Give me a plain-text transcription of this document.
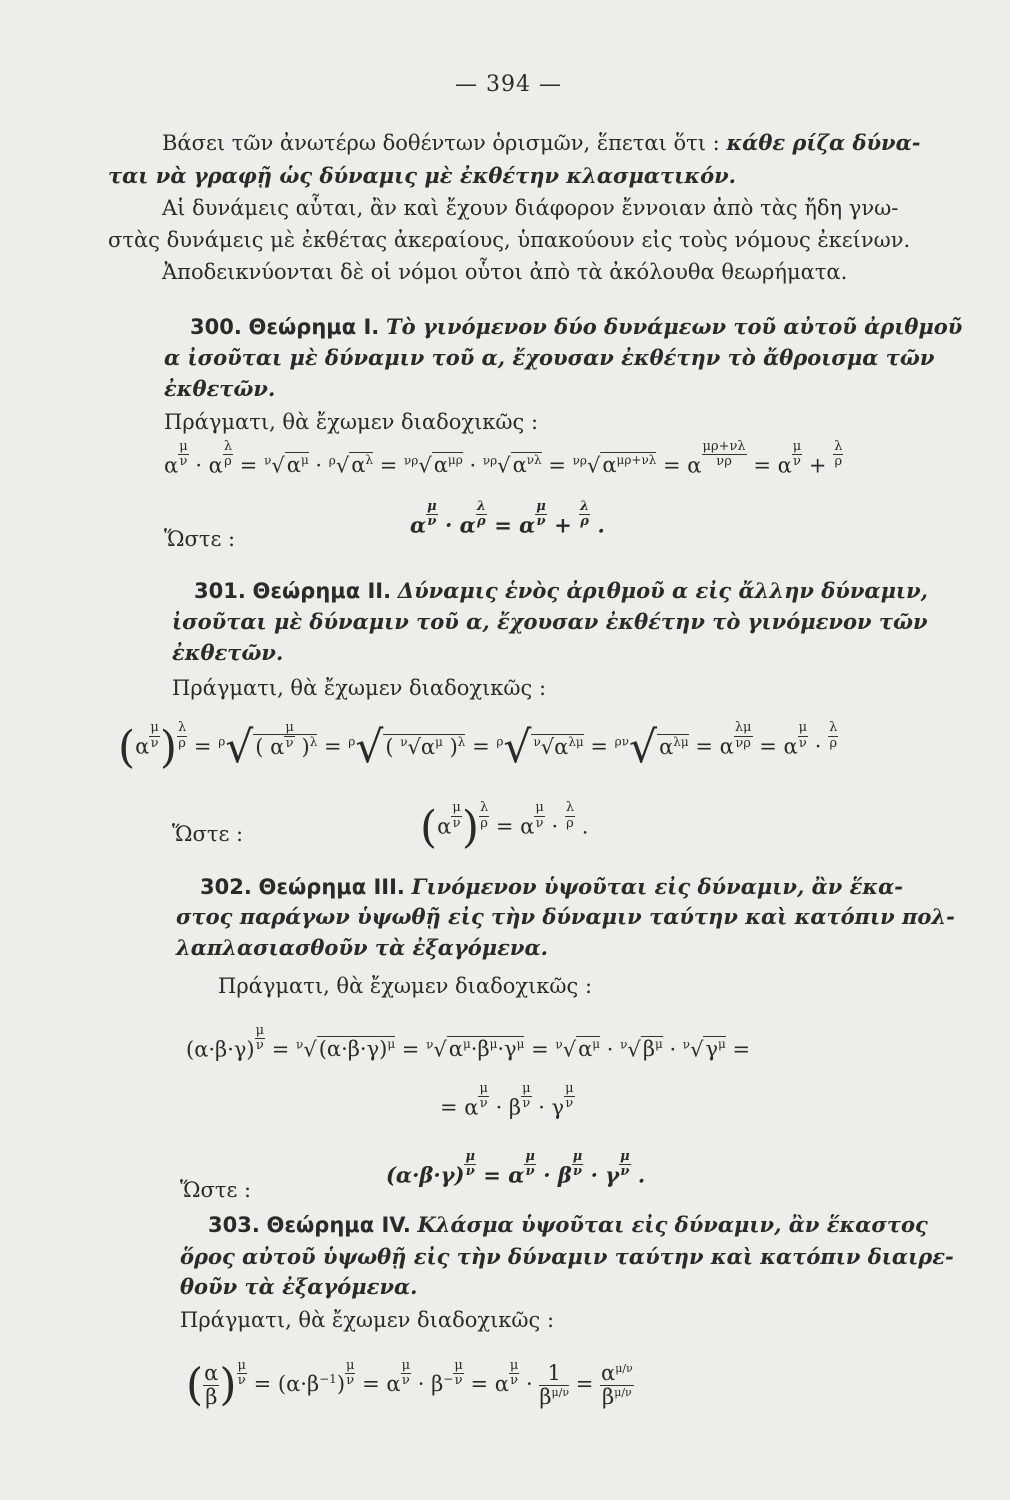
— 394 —
Βάσει τῶν ἀνωτέρω δοθέντων ὁρισμῶν, ἕπεται ὅτι : κάθε ρίζα δύνα-
ται νὰ γραφῇ ὡς δύναμις μὲ ἐκθέτην κλασματικόν.
Αἱ δυνάμεις αὗται, ἂν καὶ ἔχουν διάφορον ἔννοιαν ἀπὸ τὰς ἤδη γνω-
στὰς δυνάμεις μὲ ἐκθέτας ἀκεραίους, ὑπακούουν εἰς τοὺς νόμους ἐκείνων.
Ἀποδεικνύονται δὲ οἱ νόμοι οὗτοι ἀπὸ τὰ ἀκόλουθα θεωρήματα.
300. Θεώρημα I. Τὸ γινόμενον δύο δυνάμεων τοῦ αὐτοῦ ἀριθμοῦ
α ἰσοῦται μὲ δύναμιν τοῦ α, ἔχουσαν ἐκθέτην τὸ ἄθροισμα τῶν
ἐκθετῶν.
Πράγματι, θὰ ἔχωμεν διαδοχικῶς :
α $\frac{\mu}{\nu} \cdot \alpha \frac{\lambda}{\rho} = ^\nu√\alpha^\mu \cdot ^\rho√\alpha^\lambda = ^{\nu\rho}√\alpha^{\mu\rho} \cdot ^{\nu\rho}√\alpha^{\nu\lambda} = ^{\nu\rho}√\alpha^{\mu\rho+\nu\lambda} = \alpha \frac{\mu\rho+\nu\lambda}{\nu\rho} = \alpha \frac{\mu}{\nu} + \frac{\lambda}{\rho}$
Ὥστε :
α $\frac{\mu}{\nu} \cdot \alpha \frac{\lambda}{\rho} = \alpha \frac{\mu}{\nu} + \frac{\lambda}{\rho}$ .
301. Θεώρημα II. Δύναμις ἑνὸς ἀριθμοῦ α εἰς ἄλλην δύναμιν,
ἰσοῦται μὲ δύναμιν τοῦ α, ἔχουσαν ἐκθέτην τὸ γινόμενον τῶν
ἐκθετῶν.
Πράγματι, θὰ ἔχωμεν διαδοχικῶς :
($\alpha \frac{\mu}{\nu}$ ) $\frac{\lambda}{\rho} = ^\rho√$( α $\frac{\mu}{\nu} )^\lambda = ^\rho√$( $^\nu√\alpha^\mu$ )$^\lambda$ = $^\rho$√ $^\nu√\alpha^{\lambda\mu} = ^{\rho\nu}√\alpha^{\lambda\mu} = \alpha \frac{\lambda\mu}{\nu\rho} = \alpha \frac{\mu}{\nu} \cdot \frac{\lambda}{\rho}$
Ὥστε :	($\alpha \frac{\mu}{\nu}$ ) $\frac{\lambda}{\rho} = \alpha \frac{\mu}{\nu} \cdot \frac{\lambda}{\rho}$ .
302. Θεώρημα III. Γινόμενον ὑψοῦται εἰς δύναμιν, ἂν ἕκα-
στος παράγων ὑψωθῇ εἰς τὴν δύναμιν ταύτην καὶ κατόπιν πολ-
λαπλασιασθοῦν τὰ ἐξαγόμενα.
Πράγματι, θὰ ἔχωμεν διαδοχικῶς :
$(\alpha\cdot\beta\cdot\gamma) \frac{\mu}{\nu} = ^\nu√(\alpha\cdot\beta\cdot\gamma)^\mu = ^\nu√\alpha^\mu\cdot\beta^\mu\cdot\gamma^\mu = ^\nu√\alpha^\mu \cdot ^\nu√\beta^\mu \cdot ^\nu√\gamma^\mu$ =
= α $\frac{\mu}{\nu} \cdot \beta \frac{\mu}{\nu} \cdot \gamma \frac{\mu}{\nu}$
Ὥστε :
$(\alpha\cdot\beta\cdot\gamma) \frac{\mu}{\nu} = \alpha \frac{\mu}{\nu} \cdot \beta \frac{\mu}{\nu} \cdot \gamma \frac{\mu}{\nu}$ .
303. Θεώρημα IV. Κλάσμα ὑψοῦται εἰς δύναμιν, ἂν ἕκαστος
ὅρος αὐτοῦ ὑψωθῇ εἰς τὴν δύναμιν ταύτην καὶ κατόπιν διαιρε-
θοῦν τὰ ἐξαγόμενα.
Πράγματι, θὰ ἔχωμεν διαδοχικῶς :
( $\frac{\alpha}{\beta}$ ) $\frac{\mu}{\nu} = (\alpha\cdot\beta^{-1}) \frac{\mu}{\nu} = \alpha \frac{\mu}{\nu} \cdot \beta^- \frac{\mu}{\nu} = \alpha \frac{\mu}{\nu} \cdot \frac{1}{\beta^{\mu/\nu}} = \frac{\alpha^{\mu/\nu}}{\beta^{\mu/\nu}}$
